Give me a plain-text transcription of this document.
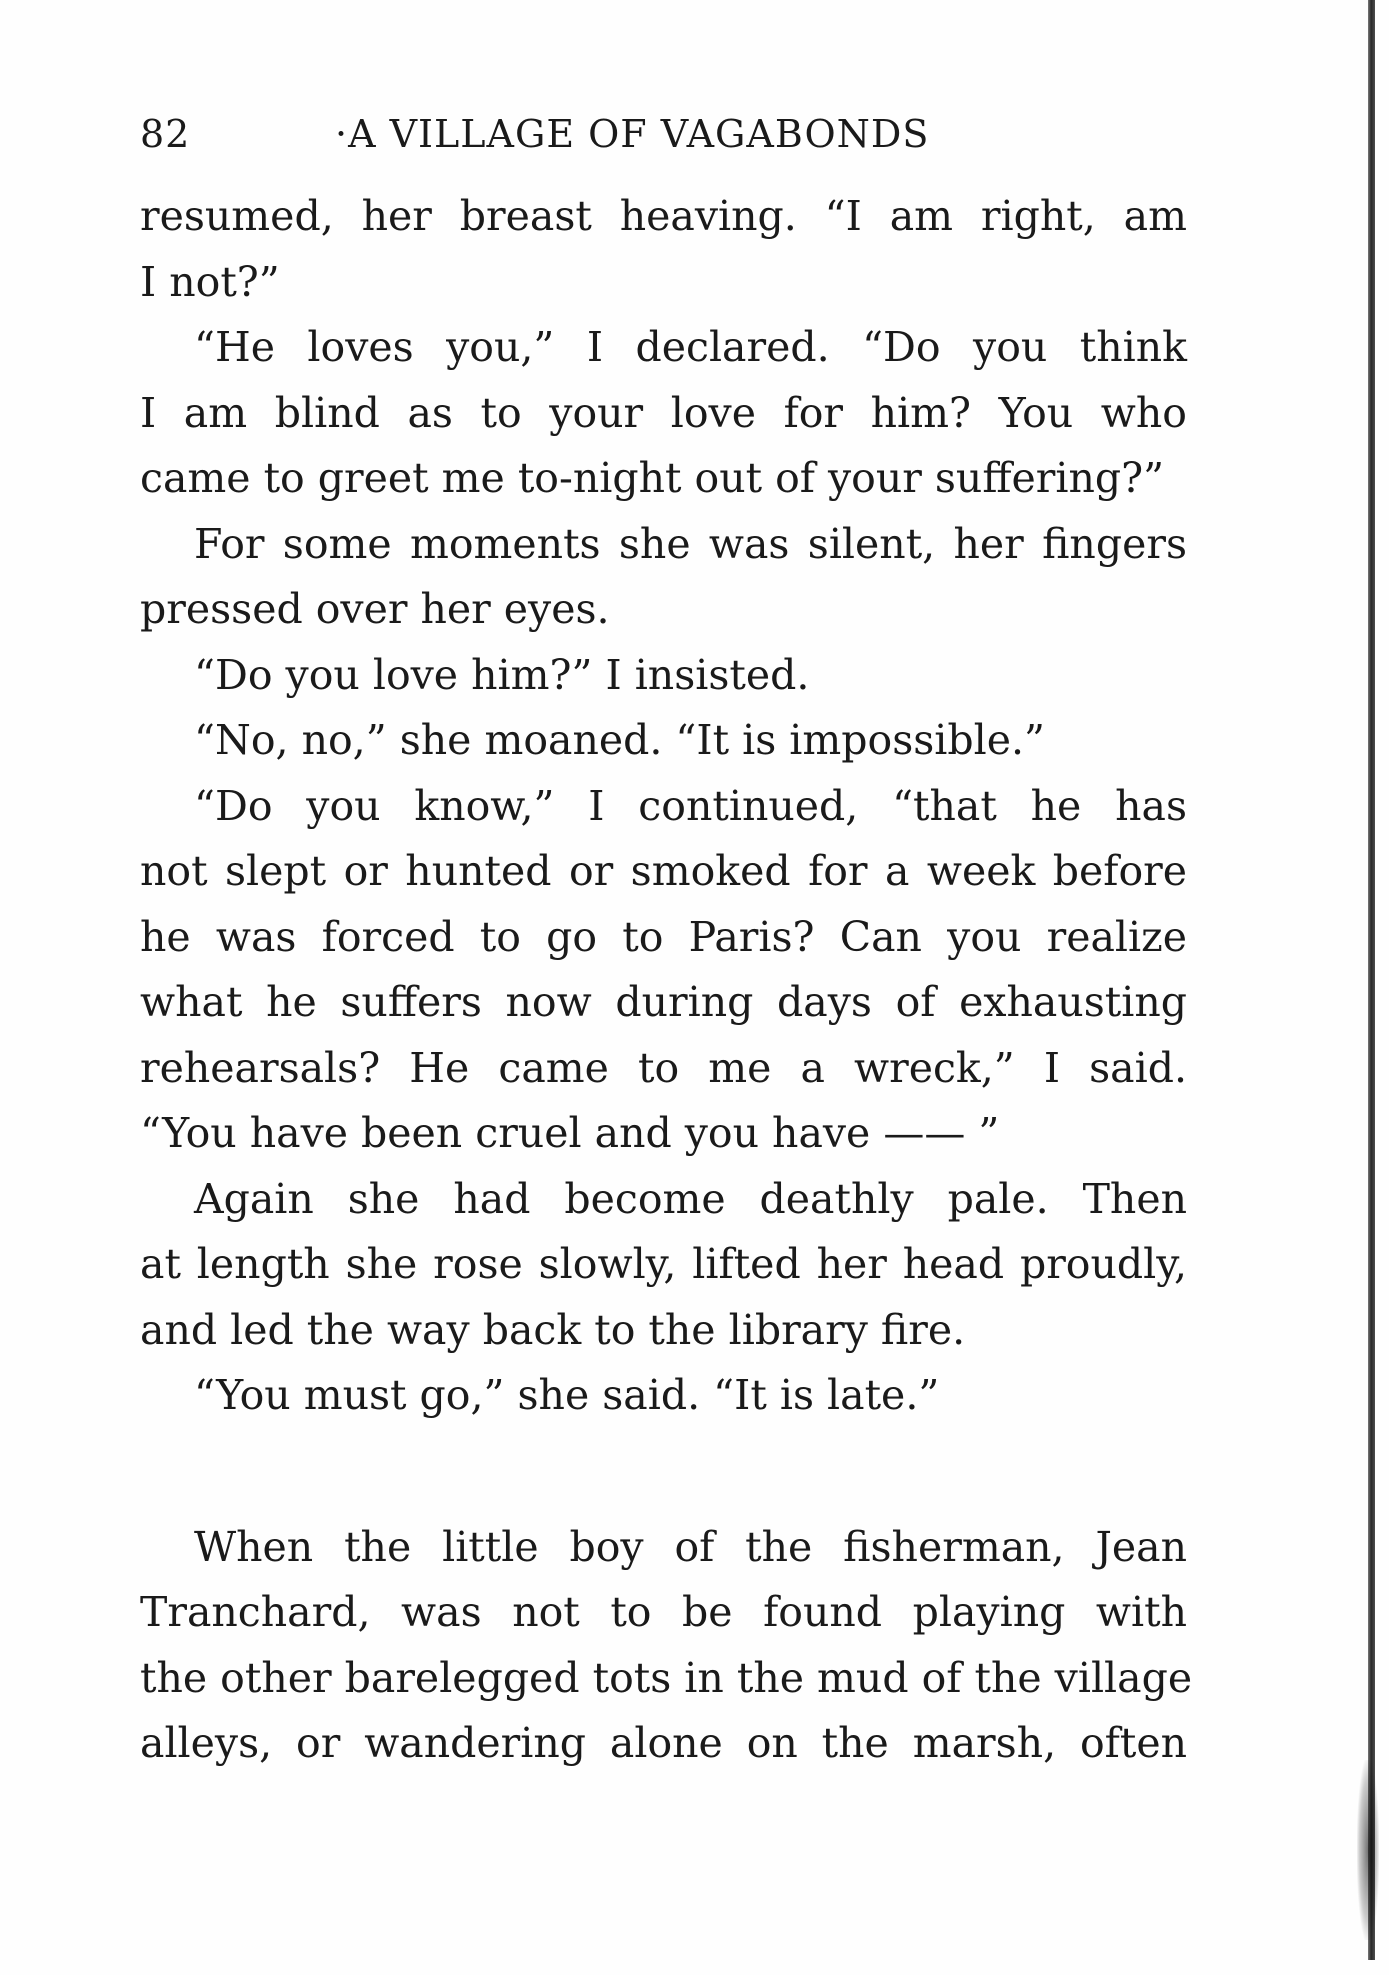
82	·A VILLAGE OF VAGABONDS

resumed, her breast heaving. “I am right, am
I not?”

“He loves you,” I declared. “Do you think
I am blind as to your love for him? You who
came to greet me to-night out of your suffering?”

For some moments she was silent, her fingers
pressed over her eyes.

“Do you love him?” I insisted.

“No, no,” she moaned. “It is impossible.”

“Do you know,” I continued, “that he has
not slept or hunted or smoked for a week before
he was forced to go to Paris? Can you realize
what he suffers now during days of exhausting
rehearsals? He came to me a wreck,” I said.
“You have been cruel and you have —— ”

Again she had become deathly pale. Then
at length she rose slowly, lifted her head proudly,
and led the way back to the library fire.

“You must go,” she said. “It is late.”

When the little boy of the fisherman, Jean
Tranchard, was not to be found playing with
the other barelegged tots in the mud of the village
alleys, or wandering alone on the marsh, often
